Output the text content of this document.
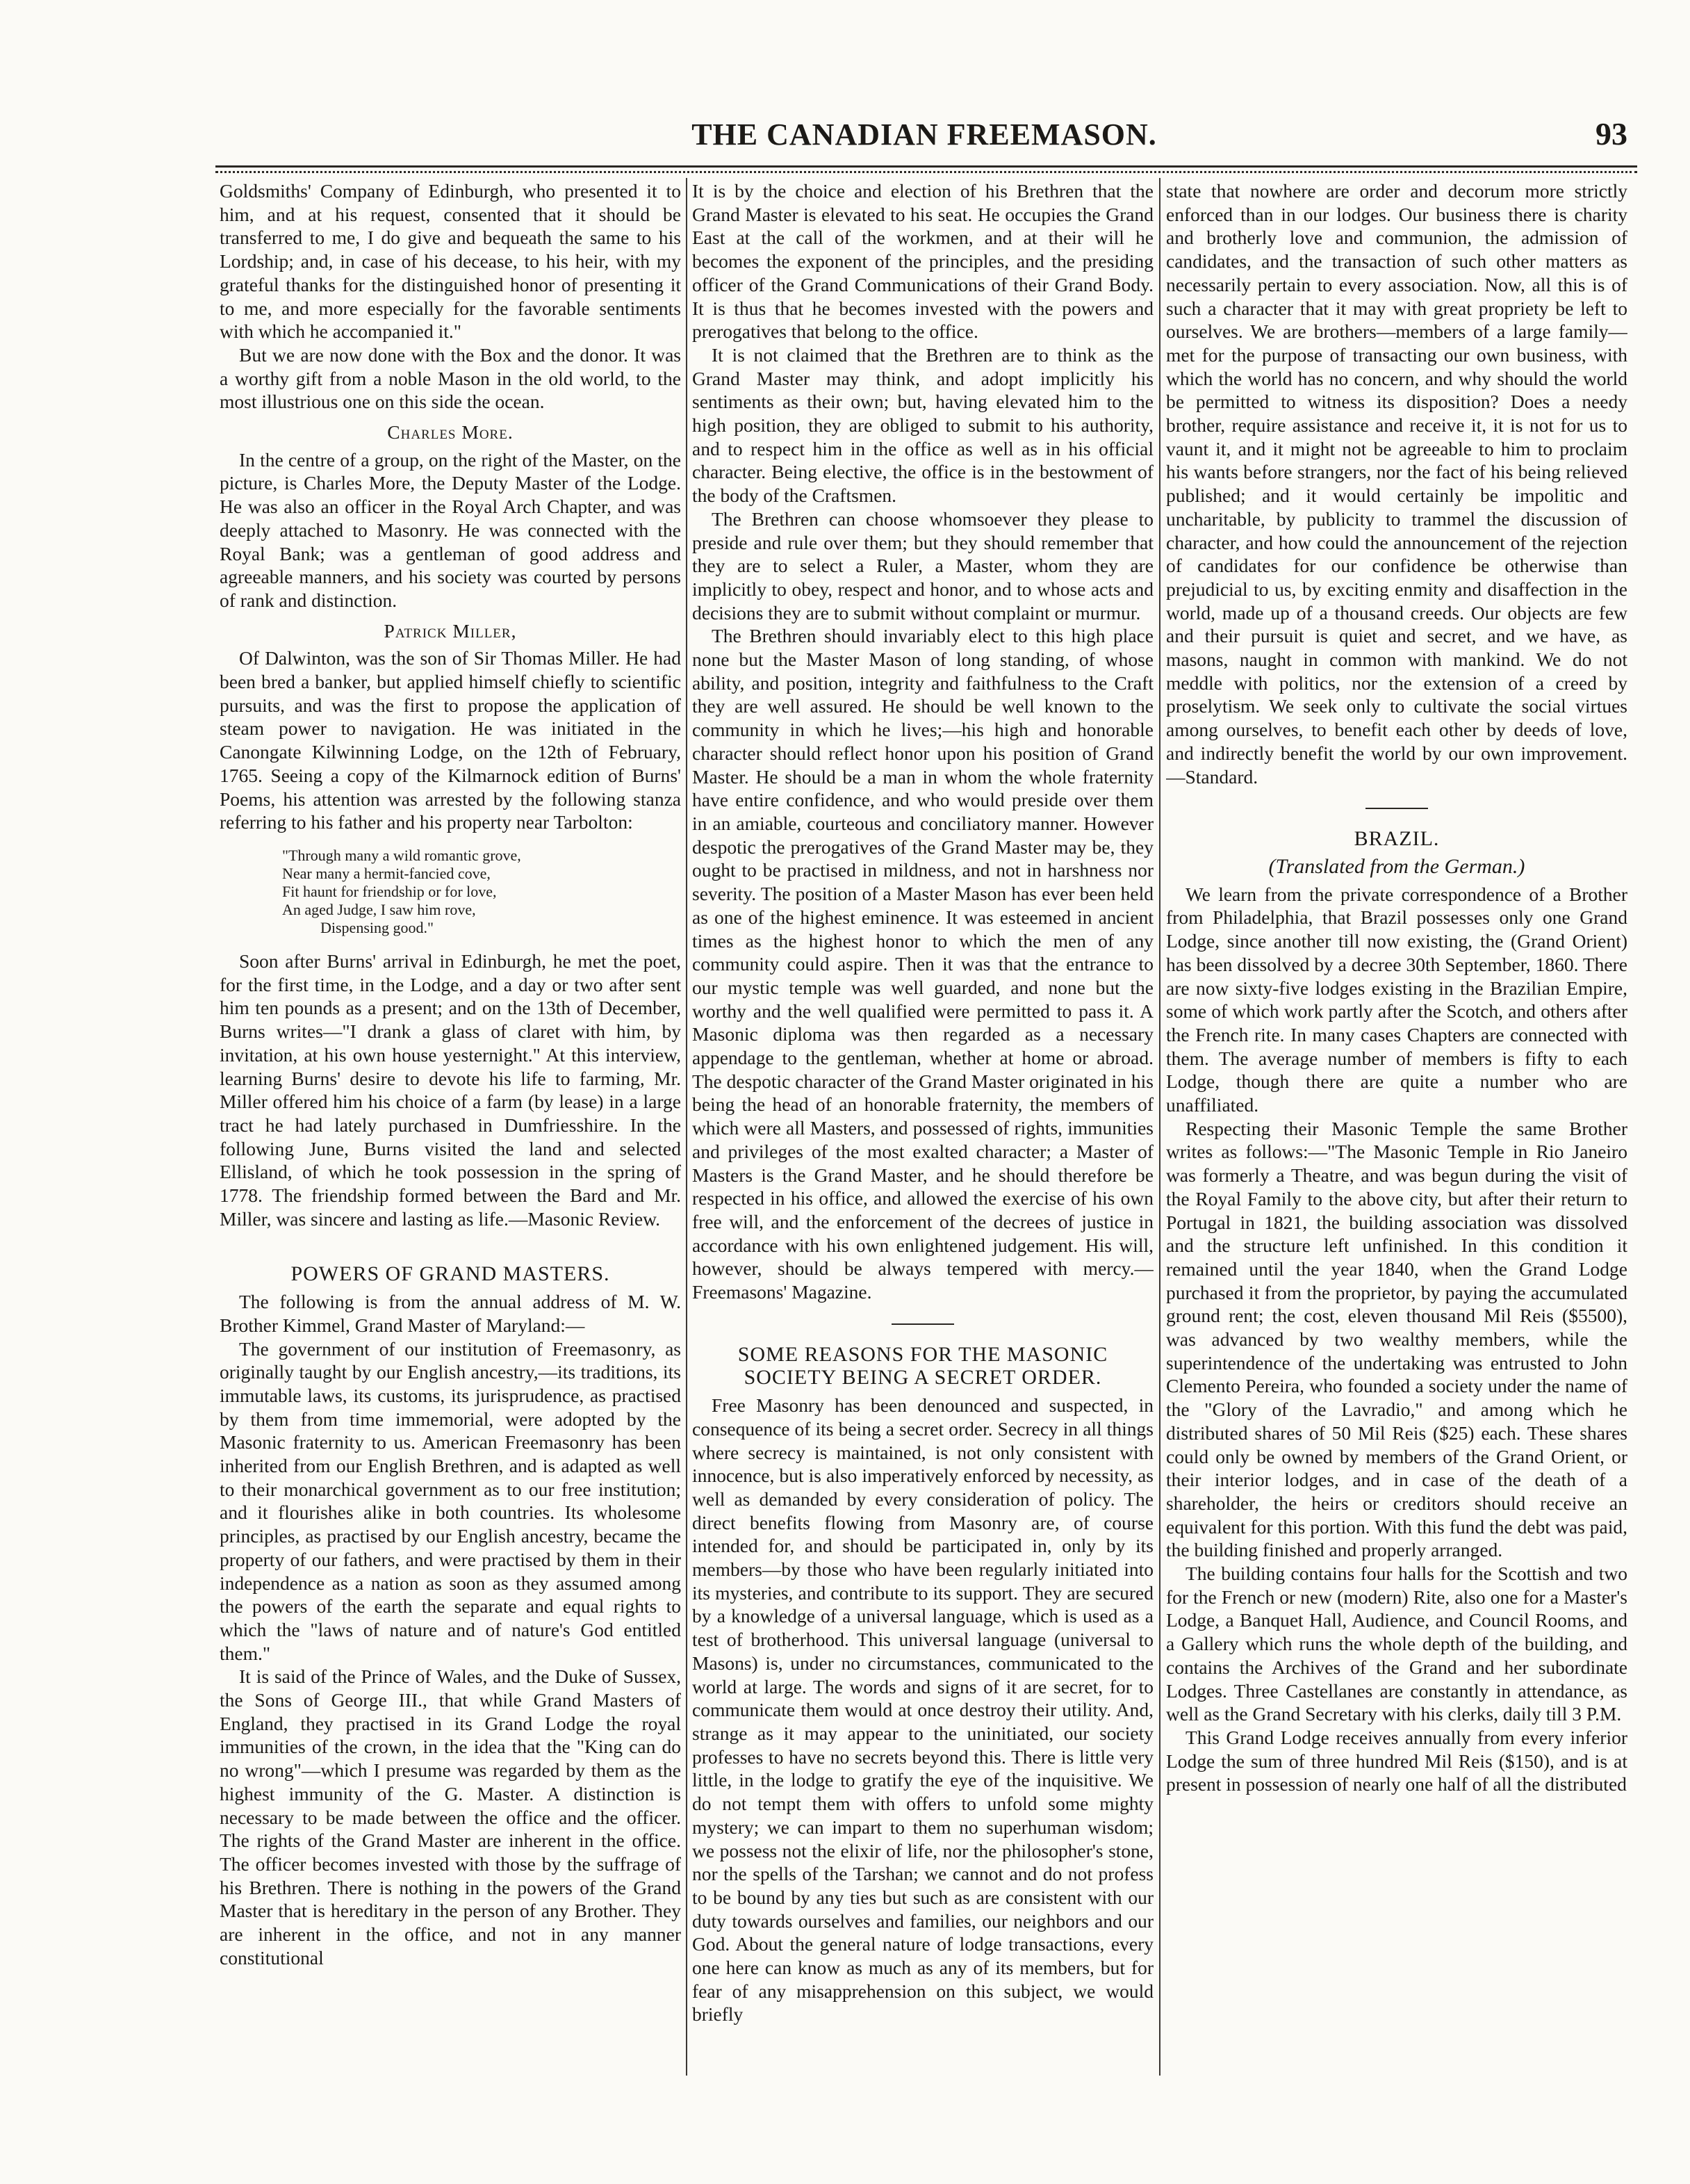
THE CANADIAN FREEMASON.	93

Goldsmiths' Company of Edinburgh, who presented it to him, and at his request, consented that it should be transferred to me, I do give and bequeath the same to his Lordship; and, in case of his decease, to his heir, with my grateful thanks for the distinguished honor of presenting it to me, and more especially for the favorable sentiments with which he accompanied it."

But we are now done with the Box and the donor. It was a worthy gift from a noble Mason in the old world, to the most illustrious one on this side the ocean.

Charles More.

In the centre of a group, on the right of the Master, on the picture, is Charles More, the Deputy Master of the Lodge. He was also an officer in the Royal Arch Chapter, and was deeply attached to Masonry. He was connected with the Royal Bank; was a gentleman of good address and agreeable manners, and his society was courted by persons of rank and distinction.

Patrick Miller,

Of Dalwinton, was the son of Sir Thomas Miller. He had been bred a banker, but applied himself chiefly to scientific pursuits, and was the first to propose the application of steam power to navigation. He was initiated in the Canongate Kilwinning Lodge, on the 12th of February, 1765. Seeing a copy of the Kilmarnock edition of Burns' Poems, his attention was arrested by the following stanza referring to his father and his property near Tarbolton:

"Through many a wild romantic grove,
Near many a hermit-fancied cove,
Fit haunt for friendship or for love,
An aged Judge, I saw him rove,
Dispensing good."

Soon after Burns' arrival in Edinburgh, he met the poet, for the first time, in the Lodge, and a day or two after sent him ten pounds as a present; and on the 13th of December, Burns writes—"I drank a glass of claret with him, by invitation, at his own house yesternight." At this interview, learning Burns' desire to devote his life to farming, Mr. Miller offered him his choice of a farm (by lease) in a large tract he had lately purchased in Dumfriesshire. In the following June, Burns visited the land and selected Ellisland, of which he took possession in the spring of 1778. The friendship formed between the Bard and Mr. Miller, was sincere and lasting as life.—Masonic Review.

POWERS OF GRAND MASTERS.

The following is from the annual address of M. W. Brother Kimmel, Grand Master of Maryland:—

The government of our institution of Freemasonry, as originally taught by our English ancestry,—its traditions, its immutable laws, its customs, its jurisprudence, as practised by them from time immemorial, were adopted by the Masonic fraternity to us. American Freemasonry has been inherited from our English Brethren, and is adapted as well to their monarchical government as to our free institution; and it flourishes alike in both countries. Its wholesome principles, as practised by our English ancestry, became the property of our fathers, and were practised by them in their independence as a nation as soon as they assumed among the powers of the earth the separate and equal rights to which the "laws of nature and of nature's God entitled them."

It is said of the Prince of Wales, and the Duke of Sussex, the Sons of George III., that while Grand Masters of England, they practised in its Grand Lodge the royal immunities of the crown, in the idea that the "King can do no wrong"—which I presume was regarded by them as the highest immunity of the G. Master. A distinction is necessary to be made between the office and the officer. The rights of the Grand Master are inherent in the office. The officer becomes invested with those by the suffrage of his Brethren. There is nothing in the powers of the Grand Master that is hereditary in the person of any Brother. They are inherent in the office, and not in any manner constitutional

It is by the choice and election of his Brethren that the Grand Master is elevated to his seat. He occupies the Grand East at the call of the workmen, and at their will he becomes the exponent of the principles, and the presiding officer of the Grand Communications of their Grand Body. It is thus that he becomes invested with the powers and prerogatives that belong to the office.

It is not claimed that the Brethren are to think as the Grand Master may think, and adopt implicitly his sentiments as their own; but, having elevated him to the high position, they are obliged to submit to his authority, and to respect him in the office as well as in his official character. Being elective, the office is in the bestowment of the body of the Craftsmen.

The Brethren can choose whomsoever they please to preside and rule over them; but they should remember that they are to select a Ruler, a Master, whom they are implicitly to obey, respect and honor, and to whose acts and decisions they are to submit without complaint or murmur.

The Brethren should invariably elect to this high place none but the Master Mason of long standing, of whose ability, and position, integrity and faithfulness to the Craft they are well assured. He should be well known to the community in which he lives;—his high and honorable character should reflect honor upon his position of Grand Master. He should be a man in whom the whole fraternity have entire confidence, and who would preside over them in an amiable, courteous and conciliatory manner. However despotic the prerogatives of the Grand Master may be, they ought to be practised in mildness, and not in harshness nor severity. The position of a Master Mason has ever been held as one of the highest eminence. It was esteemed in ancient times as the highest honor to which the men of any community could aspire. Then it was that the entrance to our mystic temple was well guarded, and none but the worthy and the well qualified were permitted to pass it. A Masonic diploma was then regarded as a necessary appendage to the gentleman, whether at home or abroad. The despotic character of the Grand Master originated in his being the head of an honorable fraternity, the members of which were all Masters, and possessed of rights, immunities and privileges of the most exalted character; a Master of Masters is the Grand Master, and he should therefore be respected in his office, and allowed the exercise of his own free will, and the enforcement of the decrees of justice in accordance with his own enlightened judgement. His will, however, should be always tempered with mercy.—Freemasons' Magazine.

SOME REASONS FOR THE MASONIC SOCIETY BEING A SECRET ORDER.

Free Masonry has been denounced and suspected, in consequence of its being a secret order. Secrecy in all things where secrecy is maintained, is not only consistent with innocence, but is also imperatively enforced by necessity, as well as demanded by every consideration of policy. The direct benefits flowing from Masonry are, of course intended for, and should be participated in, only by its members—by those who have been regularly initiated into its mysteries, and contribute to its support. They are secured by a knowledge of a universal language, which is used as a test of brotherhood. This universal language (universal to Masons) is, under no circumstances, communicated to the world at large. The words and signs of it are secret, for to communicate them would at once destroy their utility. And, strange as it may appear to the uninitiated, our society professes to have no secrets beyond this. There is little very little, in the lodge to gratify the eye of the inquisitive. We do not tempt them with offers to unfold some mighty mystery; we can impart to them no superhuman wisdom; we possess not the elixir of life, nor the philosopher's stone, nor the spells of the Tarshan; we cannot and do not profess to be bound by any ties but such as are consistent with our duty towards ourselves and families, our neighbors and our God. About the general nature of lodge transactions, every one here can know as much as any of its members, but for fear of any misapprehension on this subject, we would briefly

state that nowhere are order and decorum more strictly enforced than in our lodges. Our business there is charity and brotherly love and communion, the admission of candidates, and the transaction of such other matters as necessarily pertain to every association. Now, all this is of such a character that it may with great propriety be left to ourselves. We are brothers—members of a large family—met for the purpose of transacting our own business, with which the world has no concern, and why should the world be permitted to witness its disposition? Does a needy brother, require assistance and receive it, it is not for us to vaunt it, and it might not be agreeable to him to proclaim his wants before strangers, nor the fact of his being relieved published; and it would certainly be impolitic and uncharitable, by publicity to trammel the discussion of character, and how could the announcement of the rejection of candidates for our confidence be otherwise than prejudicial to us, by exciting enmity and disaffection in the world, made up of a thousand creeds. Our objects are few and their pursuit is quiet and secret, and we have, as masons, naught in common with mankind. We do not meddle with politics, nor the extension of a creed by proselytism. We seek only to cultivate the social virtues among ourselves, to benefit each other by deeds of love, and indirectly benefit the world by our own improvement.—Standard.

BRAZIL.

(Translated from the German.)

We learn from the private correspondence of a Brother from Philadelphia, that Brazil possesses only one Grand Lodge, since another till now existing, the (Grand Orient) has been dissolved by a decree 30th September, 1860. There are now sixty-five lodges existing in the Brazilian Empire, some of which work partly after the Scotch, and others after the French rite. In many cases Chapters are connected with them. The average number of members is fifty to each Lodge, though there are quite a number who are unaffiliated.

Respecting their Masonic Temple the same Brother writes as follows:—"The Masonic Temple in Rio Janeiro was formerly a Theatre, and was begun during the visit of the Royal Family to the above city, but after their return to Portugal in 1821, the building association was dissolved and the structure left unfinished. In this condition it remained until the year 1840, when the Grand Lodge purchased it from the proprietor, by paying the accumulated ground rent; the cost, eleven thousand Mil Reis ($5500), was advanced by two wealthy members, while the superintendence of the undertaking was entrusted to John Clemento Pereira, who founded a society under the name of the "Glory of the Lavradio," and among which he distributed shares of 50 Mil Reis ($25) each. These shares could only be owned by members of the Grand Orient, or their interior lodges, and in case of the death of a shareholder, the heirs or creditors should receive an equivalent for this portion. With this fund the debt was paid, the building finished and properly arranged.

The building contains four halls for the Scottish and two for the French or new (modern) Rite, also one for a Master's Lodge, a Banquet Hall, Audience, and Council Rooms, and a Gallery which runs the whole depth of the building, and contains the Archives of the Grand and her subordinate Lodges. Three Castellanes are constantly in attendance, as well as the Grand Secretary with his clerks, daily till 3 P.M.

This Grand Lodge receives annually from every inferior Lodge the sum of three hundred Mil Reis ($150), and is at present in possession of nearly one half of all the distributed
